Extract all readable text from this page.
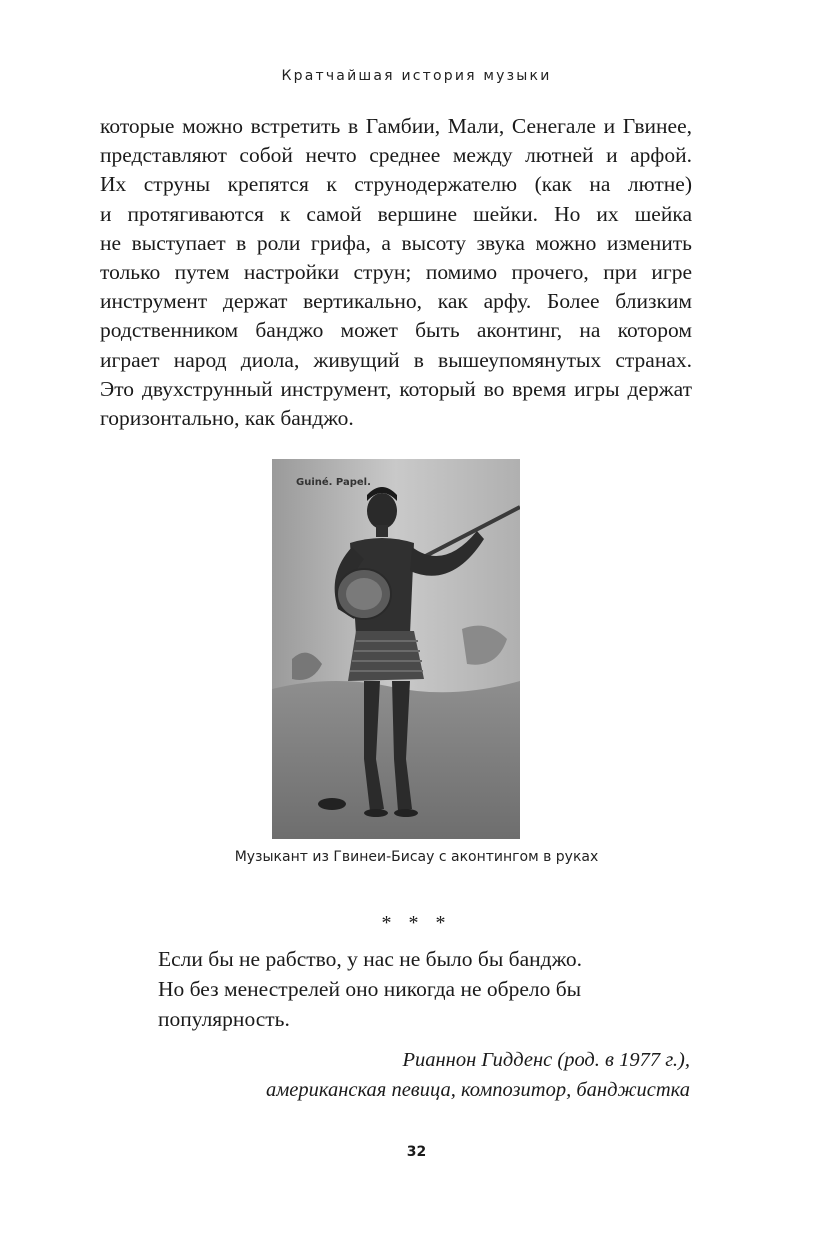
Кратчайшая история музыки
которые можно встретить в Гамбии, Мали, Сенегале и Гвинее,
представляют собой нечто среднее между лютней и арфой.
Их струны крепятся к струнодержателю (как на лютне)
и протягиваются к самой вершине шейки. Но их шейка
не выступает в роли грифа, а высоту звука можно изменить
только путем настройки струн; помимо прочего, при игре
инструмент держат вертикально, как арфу. Более близким
родственником банджо может быть аконтинг, на котором
играет народ диола, живущий в вышеупомянутых странах.
Это двухструнный инструмент, который во время игры держат
горизонтально, как банджо.
Guiné. Papel.
Музыкант из Гвинеи-Бисау с аконтингом в руках
* * *
Если бы не рабство, у нас не было бы банджо.
Но без менестрелей оно никогда не обрело бы
популярность.
Рианнон Гидденс (род. в 1977 г.),
американская певица, композитор, банджистка
32
